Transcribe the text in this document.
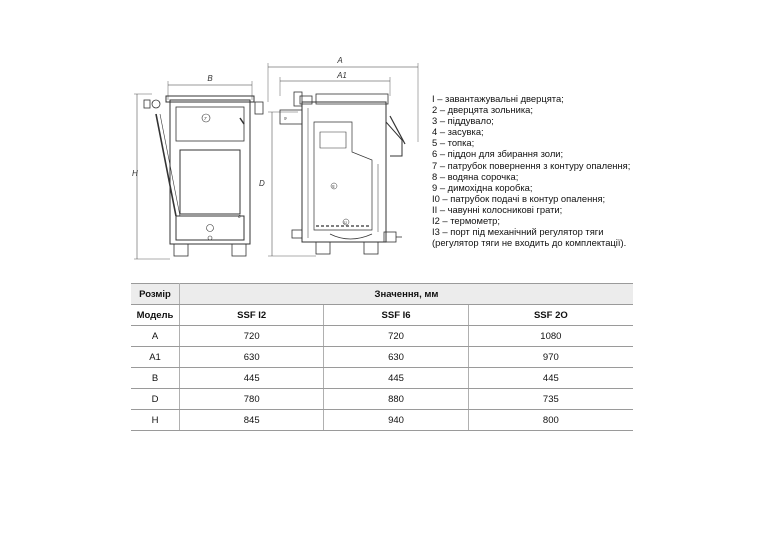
B
H
7
6
A
A1
D
9
5
11
I – завантажувальні дверцята;
2 – дверцята зольника;
3 – піддувало;
4 – засувка;
5 – топка;
6 – піддон для збирання золи;
7 – патрубок повернення з контуру опалення;
8 – водяна сорочка;
9 – димохідна коробка;
I0 – патрубок подачі в контур опалення;
II – чавунні колосникові грати;
I2 – термометр;
I3 – порт під механічний регулятор тяги
(регулятор тяги не входить до комплектації).
Розмір	Значення, мм		
Модель	SSF I2	SSF I6	SSF 2O
A	720	720	1080
A1	630	630	970
B	445	445	445
D	780	880	735
H	845	940	800
